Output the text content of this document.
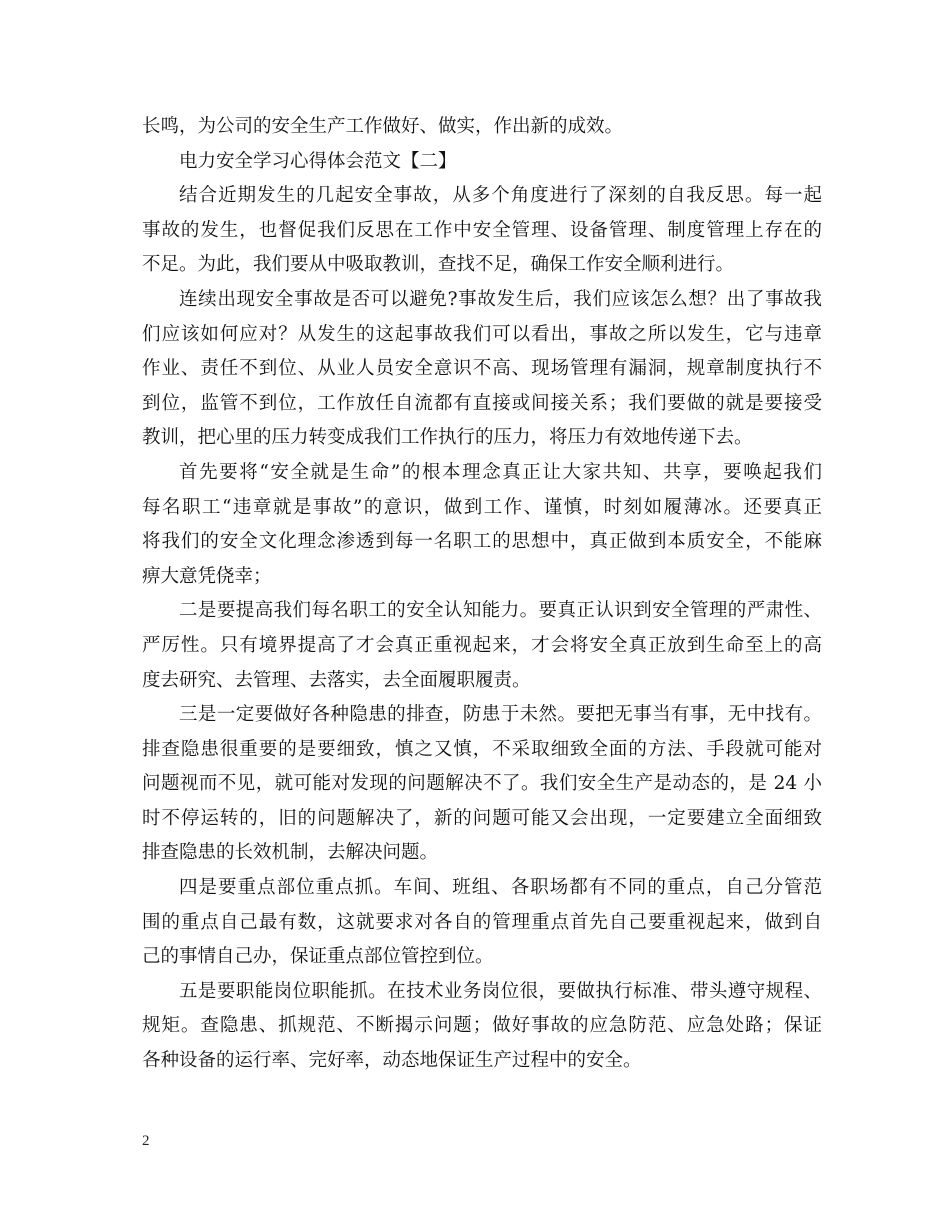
长鸣，为公司的安全生产工作做好、做实，作出新的成效。
电力安全学习心得体会范文【二】
结合近期发生的几起安全事故，从多个角度进行了深刻的自我反思。每一起
事故的发生，也督促我们反思在工作中安全管理、设备管理、制度管理上存在的
不足。为此，我们要从中吸取教训，查找不足，确保工作安全顺利进行。
连续出现安全事故是否可以避免?事故发生后，我们应该怎么想？出了事故我
们应该如何应对？从发生的这起事故我们可以看出，事故之所以发生，它与违章
作业、责任不到位、从业人员安全意识不高、现场管理有漏洞，规章制度执行不
到位，监管不到位，工作放任自流都有直接或间接关系；我们要做的就是要接受
教训，把心里的压力转变成我们工作执行的压力，将压力有效地传递下去。
首先要将“安全就是生命”的根本理念真正让大家共知、共享，要唤起我们
每名职工“违章就是事故”的意识，做到工作、谨慎，时刻如履薄冰。还要真正
将我们的安全文化理念渗透到每一名职工的思想中，真正做到本质安全，不能麻
痹大意凭侥幸；
二是要提高我们每名职工的安全认知能力。要真正认识到安全管理的严肃性、
严厉性。只有境界提高了才会真正重视起来，才会将安全真正放到生命至上的高
度去研究、去管理、去落实，去全面履职履责。
三是一定要做好各种隐患的排查，防患于未然。要把无事当有事，无中找有。
排查隐患很重要的是要细致，慎之又慎，不采取细致全面的方法、手段就可能对
问题视而不见，就可能对发现的问题解决不了。我们安全生产是动态的，是 24 小
时不停运转的，旧的问题解决了，新的问题可能又会出现，一定要建立全面细致
排查隐患的长效机制，去解决问题。
四是要重点部位重点抓。车间、班组、各职场都有不同的重点，自己分管范
围的重点自己最有数，这就要求对各自的管理重点首先自己要重视起来，做到自
己的事情自己办，保证重点部位管控到位。
五是要职能岗位职能抓。在技术业务岗位很，要做执行标准、带头遵守规程、
规矩。查隐患、抓规范、不断揭示问题；做好事故的应急防范、应急处路；保证
各种设备的运行率、完好率，动态地保证生产过程中的安全。
2
